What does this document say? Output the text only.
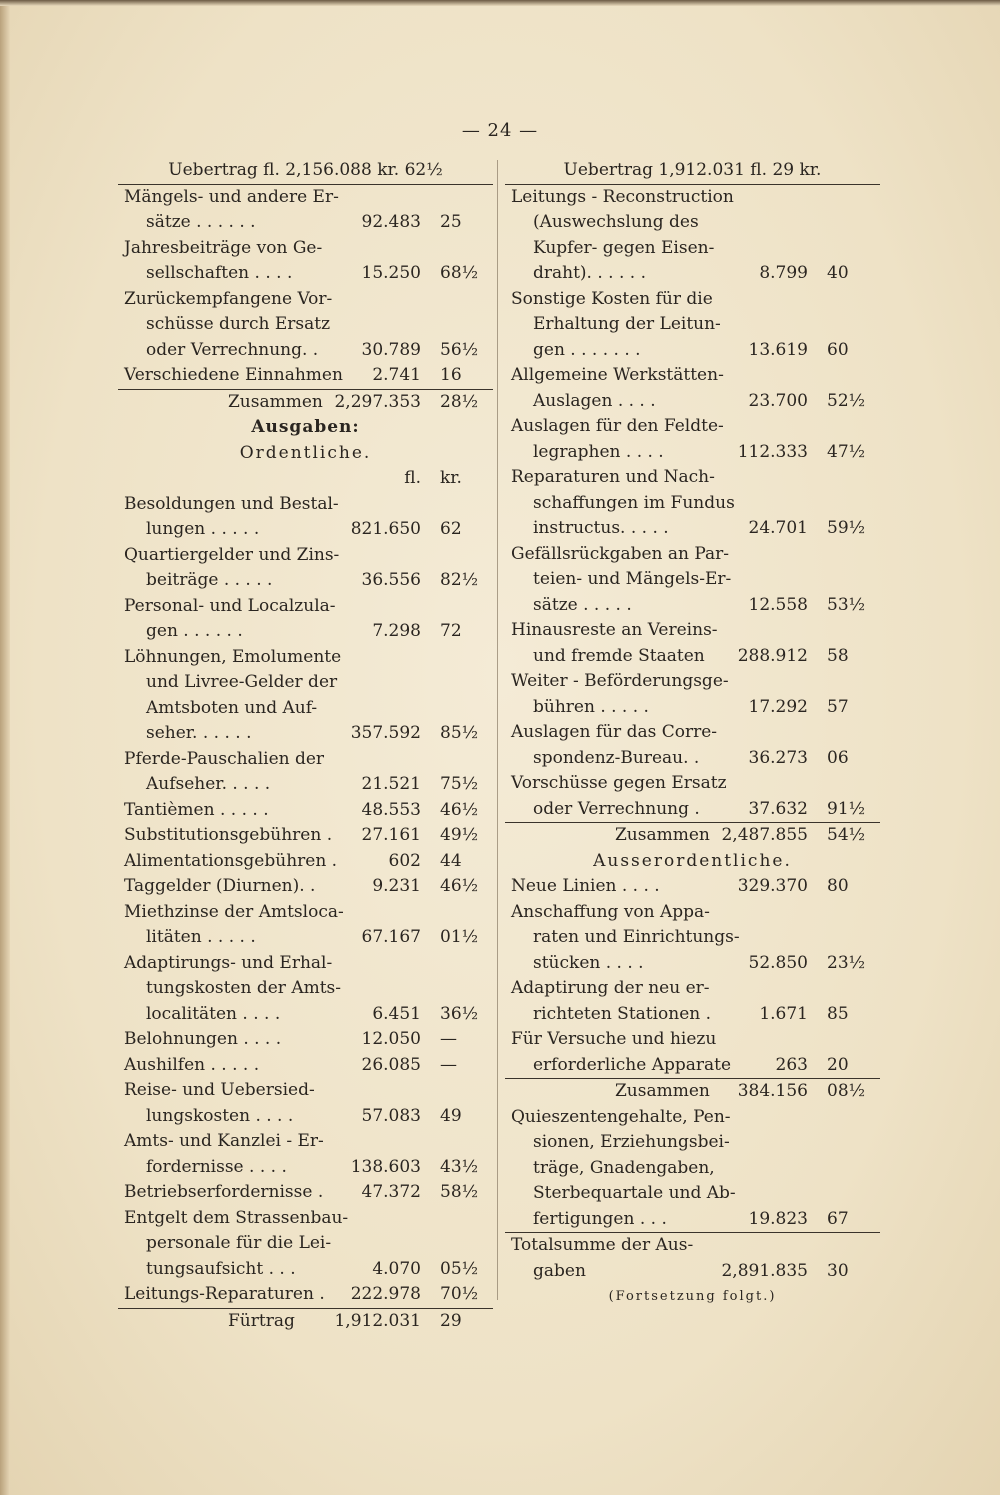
— 24 —
Uebertrag fl. 2,156.088 kr. 62½
Mängels- und andere Er-
sätze . . . . . .	92.483 25
Jahresbeiträge von Ge-
sellschaften . . . .	15.250 68½
Zurückempfangene Vor-
schüsse durch Ersatz
oder Verrechnung. .	30.789 56½
Verschiedene Einnahmen 2.741 16
Zusammen 2,297.353 28½
Ausgaben:
Ordentliche.
fl. kr.
Besoldungen und Bestal-
lungen . . . . .	821.650 62
Quartiergelder und Zins-
beiträge . . . . .	36.556 82½
Personal- und Localzula-
gen . . . . . .	7.298 72
Löhnungen, Emolumente
und Livree-Gelder der
Amtsboten und Auf-
seher. . . . . .	357.592 85½
Pferde-Pauschalien der
Aufseher. . . . .	21.521 75½
Tantièmen . . . . .	48.553 46½
Substitutionsgebühren . 27.161 49½
Alimentationsgebühren .	602 44
Taggelder (Diurnen). .	9.231 46½
Miethzinse der Amtsloca-
litäten . . . . .	67.167 01½
Adaptirungs- und Erhal-
tungskosten der Amts-
localitäten . . . .	6.451 36½
Belohnungen . . . .	12.050 —
Aushilfen . . . . .	26.085 —
Reise- und Uebersied-
lungskosten . . . .	57.083 49
Amts- und Kanzlei - Er-
fordernisse . . . .	138.603 43½
Betriebserfordernisse . 47.372 58½
Entgelt dem Strassenbau-
personale für die Lei-
tungsaufsicht . . .	4.070 05½
Leitungs-Reparaturen . 222.978 70½
Fürtrag 1,912.031 29
Uebertrag 1,912.031 fl. 29 kr.
Leitungs - Reconstruction
(Auswechslung des
Kupfer- gegen Eisen-
draht). . . . . .	8.799 40
Sonstige Kosten für die
Erhaltung der Leitun-
gen . . . . . . .	13.619 60
Allgemeine Werkstätten-
Auslagen . . . .	23.700 52½
Auslagen für den Feldte-
legraphen . . . .	112.333 47½
Reparaturen und Nach-
schaffungen im Fundus
instructus. . . . .	24.701 59½
Gefällsrückgaben an Par-
teien- und Mängels-Er-
sätze . . . . .	12.558 53½
Hinausreste an Vereins-
und fremde Staaten 288.912 58
Weiter - Beförderungsge-
bühren . . . . .	17.292 57
Auslagen für das Corre-
spondenz-Bureau. .	36.273 06
Vorschüsse gegen Ersatz
oder Verrechnung .	37.632 91½
Zusammen 2,487.855 54½
Ausserordentliche.
Neue Linien . . . .	329.370 80
Anschaffung von Appa-
raten und Einrichtungs-
stücken . . . .	52.850 23½
Adaptirung der neu er-
richteten Stationen .	1.671 85
Für Versuche und hiezu
erforderliche Apparate	263 20
Zusammen 384.156 08½
Quieszentengehalte, Pen-
sionen, Erziehungsbei-
träge, Gnadengaben,
Sterbequartale und Ab-
fertigungen . . .	19.823 67
Totalsumme der Aus-
gaben	2,891.835 30
(Fortsetzung folgt.)
